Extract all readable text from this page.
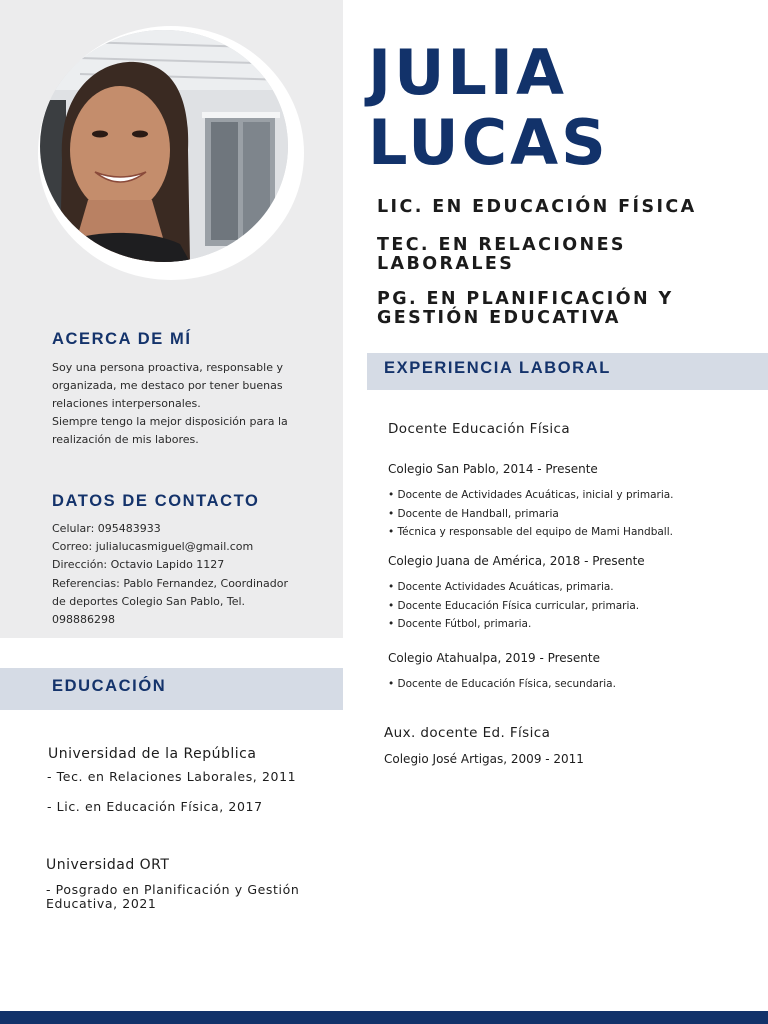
JULIA
LUCAS
LIC. EN EDUCACIÓN FÍSICA
TEC. EN RELACIONES
LABORALES
PG. EN PLANIFICACIÓN Y
GESTIÓN EDUCATIVA
ACERCA DE MÍ
Soy una persona proactiva, responsable y
organizada, me destaco por tener buenas
relaciones interpersonales.
Siempre tengo la mejor disposición para la
realización de mis labores.
DATOS DE CONTACTO
Celular: 095483933
Correo: julialucasmiguel@gmail.com
Dirección: Octavio Lapido 1127
Referencias: Pablo Fernandez, Coordinador
de deportes Colegio San Pablo, Tel.
098886298
EXPERIENCIA LABORAL
Docente Educación Física
Colegio San Pablo, 2014 - Presente
• Docente de Actividades Acuáticas, inicial y primaria.
• Docente de Handball, primaria
• Técnica y responsable del equipo de Mami Handball.
Colegio Juana de América, 2018 - Presente
• Docente Actividades Acuáticas, primaria.
• Docente Educación Física curricular, primaria.
• Docente Fútbol, primaria.
Colegio Atahualpa, 2019 - Presente
• Docente de Educación Física, secundaria.
Aux. docente Ed. Física
Colegio José Artigas, 2009 - 2011
EDUCACIÓN
Universidad de la República
- Tec. en Relaciones Laborales, 2011
- Lic. en Educación Física, 2017
Universidad ORT
- Posgrado en Planificación y Gestión
Educativa, 2021
